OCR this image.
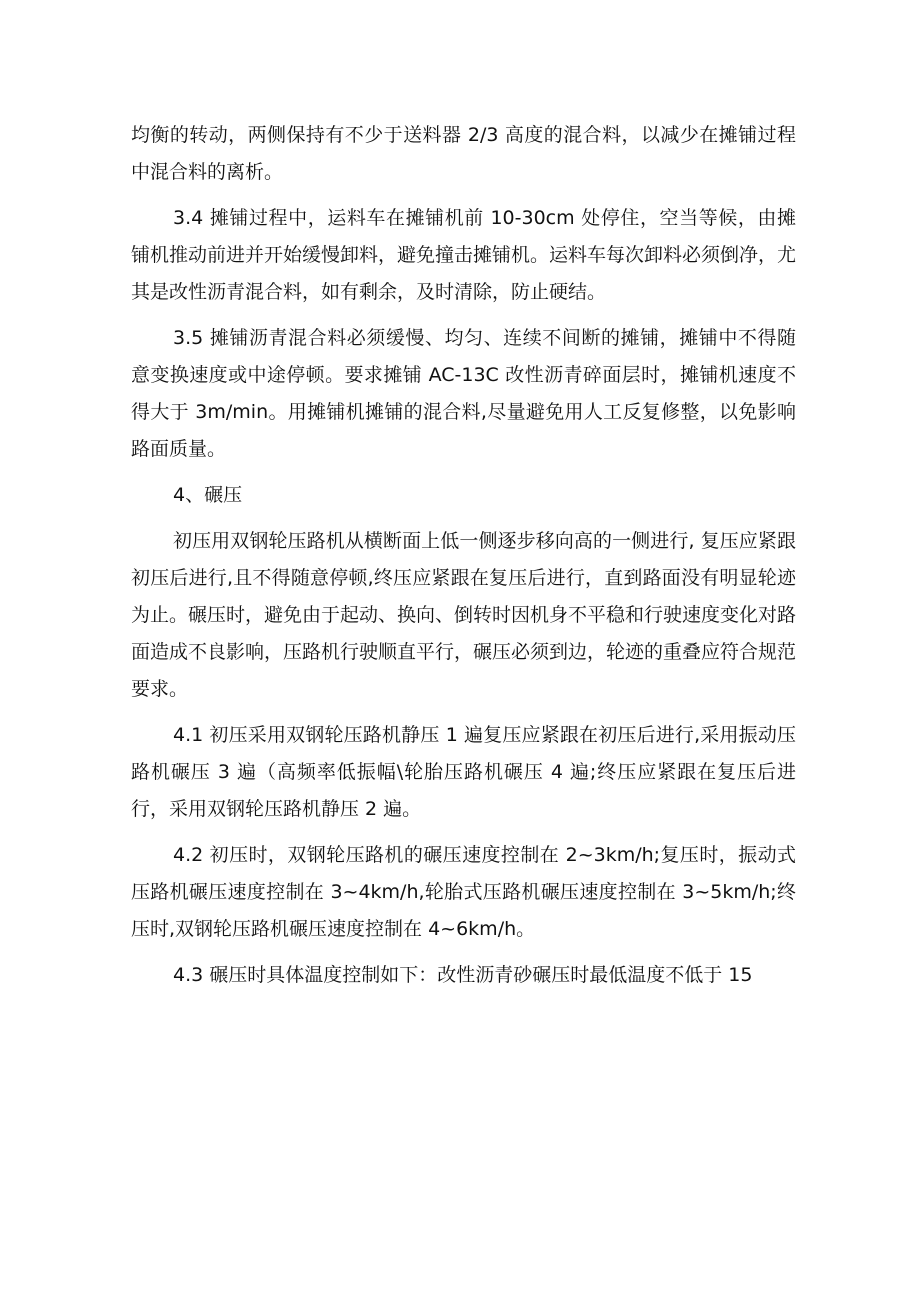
均衡的转动，两侧保持有不少于送料器 2/3 高度的混合料，以减少在摊铺过程中混合料的离析。

3.4 摊铺过程中，运料车在摊铺机前 10-30cm 处停住，空当等候，由摊铺机推动前进并开始缓慢卸料，避免撞击摊铺机。运料车每次卸料必须倒净，尤其是改性沥青混合料，如有剩余，及时清除，防止硬结。

3.5 摊铺沥青混合料必须缓慢、均匀、连续不间断的摊铺，摊铺中不得随意变换速度或中途停顿。要求摊铺 AC-13C 改性沥青碎面层时，摊铺机速度不得大于 3m/min。用摊铺机摊铺的混合料,尽量避免用人工反复修整，以免影响路面质量。

4、碾压

初压用双钢轮压路机从横断面上低一侧逐步移向高的一侧进行, 复压应紧跟初压后进行,且不得随意停顿,终压应紧跟在复压后进行，直到路面没有明显轮迹为止。碾压时，避免由于起动、换向、倒转时因机身不平稳和行驶速度变化对路面造成不良影响，压路机行驶顺直平行，碾压必须到边，轮迹的重叠应符合规范要求。

4.1 初压采用双钢轮压路机静压 1 遍复压应紧跟在初压后进行,采用振动压路机碾压 3 遍（高频率低振幅\轮胎压路机碾压 4 遍;终压应紧跟在复压后进行，采用双钢轮压路机静压 2 遍。

4.2 初压时，双钢轮压路机的碾压速度控制在 2~3km/h;复压时，振动式压路机碾压速度控制在 3~4km/h,轮胎式压路机碾压速度控制在 3~5km/h;终压时,双钢轮压路机碾压速度控制在 4~6km/h。

4.3 碾压时具体温度控制如下：改性沥青砂碾压时最低温度不低于 15
